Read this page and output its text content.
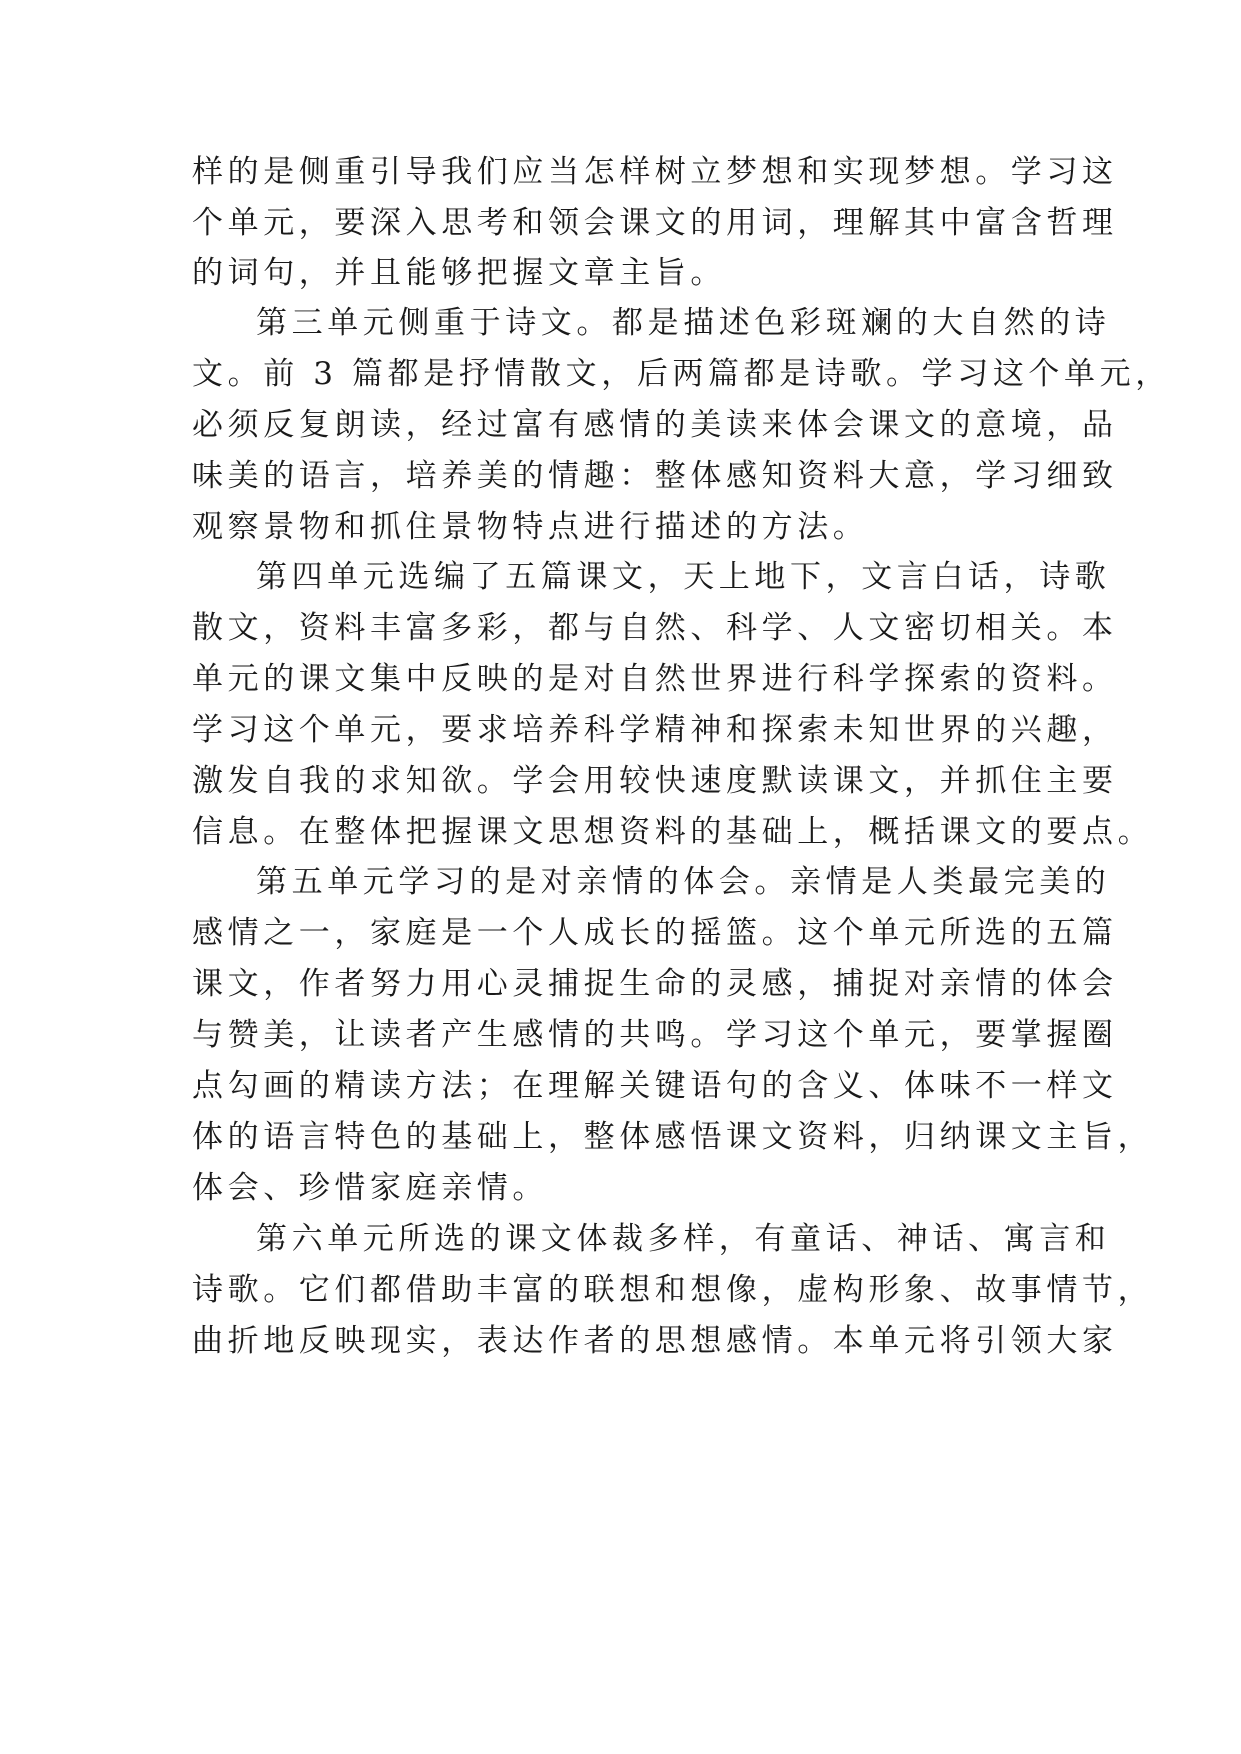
样的是侧重引导我们应当怎样树立梦想和实现梦想。学习这
个单元，要深入思考和领会课文的用词，理解其中富含哲理
的词句，并且能够把握文章主旨。
第三单元侧重于诗文。都是描述色彩斑斓的大自然的诗
文。前 3 篇都是抒情散文，后两篇都是诗歌。学习这个单元，
必须反复朗读，经过富有感情的美读来体会课文的意境，品
味美的语言，培养美的情趣：整体感知资料大意，学习细致
观察景物和抓住景物特点进行描述的方法。
第四单元选编了五篇课文，天上地下，文言白话，诗歌
散文，资料丰富多彩，都与自然、科学、人文密切相关。本
单元的课文集中反映的是对自然世界进行科学探索的资料。
学习这个单元，要求培养科学精神和探索未知世界的兴趣，
激发自我的求知欲。学会用较快速度默读课文，并抓住主要
信息。在整体把握课文思想资料的基础上，概括课文的要点。
第五单元学习的是对亲情的体会。亲情是人类最完美的
感情之一，家庭是一个人成长的摇篮。这个单元所选的五篇
课文，作者努力用心灵捕捉生命的灵感，捕捉对亲情的体会
与赞美，让读者产生感情的共鸣。学习这个单元，要掌握圈
点勾画的精读方法；在理解关键语句的含义、体味不一样文
体的语言特色的基础上，整体感悟课文资料，归纳课文主旨，
体会、珍惜家庭亲情。
第六单元所选的课文体裁多样，有童话、神话、寓言和
诗歌。它们都借助丰富的联想和想像，虚构形象、故事情节，
曲折地反映现实，表达作者的思想感情。本单元将引领大家
